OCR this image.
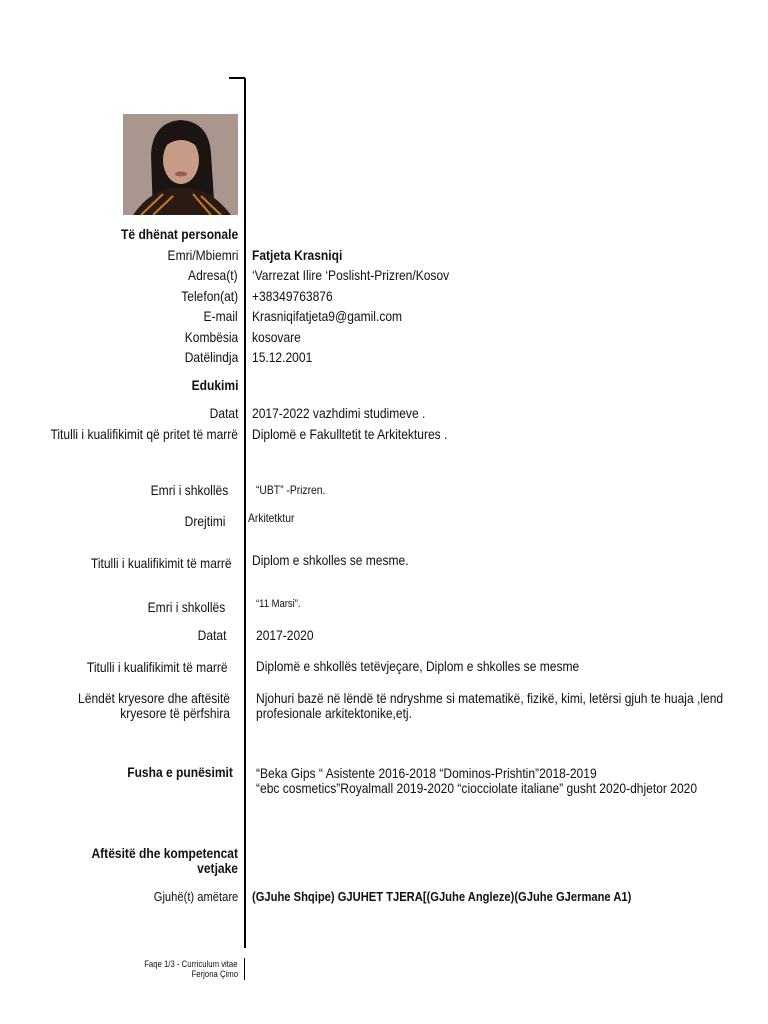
Të dhënat personale
Emri/Mbiemri Fatjeta Krasniqi
Adresa(t) ‘Varrezat Ilire ‘Poslisht-Prizren/Kosov
Telefon(at) +38349763876
E-mail Krasniqifatjeta9@gamil.com
Kombësia kosovare
Datëlindja 15.12.2001
Edukimi
Datat 2017-2022 vazhdimi studimeve .
Titulli i kualifikimit që pritet të marrë Diplomë e Fakulltetit te Arkitektures .
Emri i shkollës “UBT” -Prizren.
Drejtimi Arkitetktur
Titulli i kualifikimit të marrë Diplom e shkolles se mesme.
Emri i shkollës	“11 Marsi”.
Datat 2017-2020
Titulli i kualifikimit të marrë Diplomë e shkollës tetëvjeçare, Diplom e shkolles se mesme
Lëndët kryesore dhe aftësitë kryesore të përfshira
Njohuri bazë në lëndë të ndryshme si matematikë, fizikë, kimi, letërsi gjuh te huaja ,lend profesionale arkitektonike,etj.
Fusha e punësimit “Beka Gips “ Asistente 2016-2018 “Dominos-Prishtin”2018-2019
“ebc cosmetics”Royalmall 2019-2020 “ciocciolate italiane” gusht 2020-dhjetor 2020
Aftësitë dhe kompetencat vetjake
Gjuhë(t) amëtare (GJuhe Shqipe) GJUHET TJERA[(GJuhe Angleze)(GJuhe GJermane A1)
Faqe 1/3 - Curriculum vitae
Ferjona Çimo
